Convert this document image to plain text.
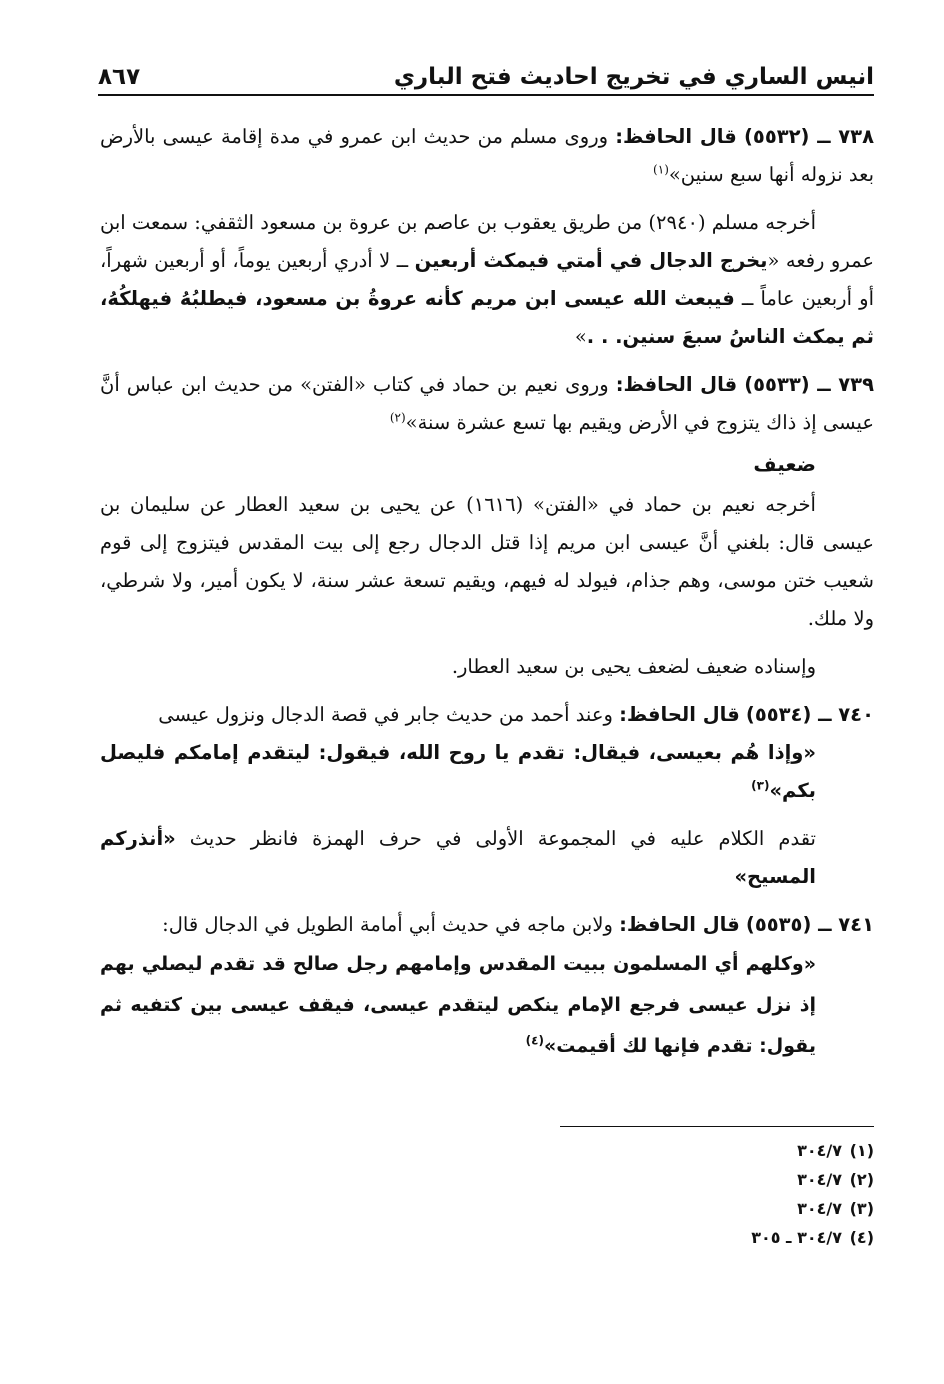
انيس الساري في تخريج احاديث فتح الباري
٨٦٧
٧٣٨ ــ (٥٥٣٢) قال الحافظ: وروى مسلم من حديث ابن عمرو في مدة إقامة عيسى بالأرض بعد نزوله أنها سبع سنين»$^{(١)}$
أخرجه مسلم (٢٩٤٠) من طريق يعقوب بن عاصم بن عروة بن مسعود الثقفي: سمعت ابن عمرو رفعه «يخرج الدجال في أمتي فيمكث أربعين ــ لا أدري أربعين يوماً، أو أربعين شهراً، أو أربعين عاماً ــ فيبعث الله عيسى ابن مريم كأنه عروةُ بن مسعود، فيطلبُهُ فيهلكُهُ، ثم يمكث الناسُ سبعَ سنين. . .»
٧٣٩ ــ (٥٥٣٣) قال الحافظ: وروى نعيم بن حماد في كتاب «الفتن» من حديث ابن عباس أنَّ عيسى إذ ذاك يتزوج في الأرض ويقيم بها تسع عشرة سنة»$^{(٢)}$
ضعيف
أخرجه نعيم بن حماد في «الفتن» (١٦١٦) عن يحيى بن سعيد العطار عن سليمان بن عيسى قال: بلغني أنَّ عيسى ابن مريم إذا قتل الدجال رجع إلى بيت المقدس فيتزوج إلى قوم شعيب ختن موسى، وهم جذام، فيولد له فيهم، ويقيم تسعة عشر سنة، لا يكون أمير، ولا شرطي، ولا ملك.
وإسناده ضعيف لضعف يحيى بن سعيد العطار.
٧٤٠ ــ (٥٥٣٤) قال الحافظ: وعند أحمد من حديث جابر في قصة الدجال ونزول عيسى
«وإذا هُم بعيسى، فيقال: تقدم يا روح الله، فيقول: ليتقدم إمامكم فليصل بكم»$^{(٣)}$
تقدم الكلام عليه في المجموعة الأولى في حرف الهمزة فانظر حديث «أنذركم المسيح»
٧٤١ ــ (٥٥٣٥) قال الحافظ: ولابن ماجه في حديث أبي أمامة الطويل في الدجال قال:
«وكلهم أي المسلمون ببيت المقدس وإمامهم رجل صالح قد تقدم ليصلي بهم إذ نزل عيسى فرجع الإمام ينكص ليتقدم عيسى، فيقف عيسى بين كتفيه ثم يقول: تقدم فإنها لك أقيمت»$^{(٤)}$
(١)٣٠٤/٧
(٢)٣٠٤/٧
(٣)٣٠٤/٧
(٤)٣٠٤/٧ ـ ٣٠٥
